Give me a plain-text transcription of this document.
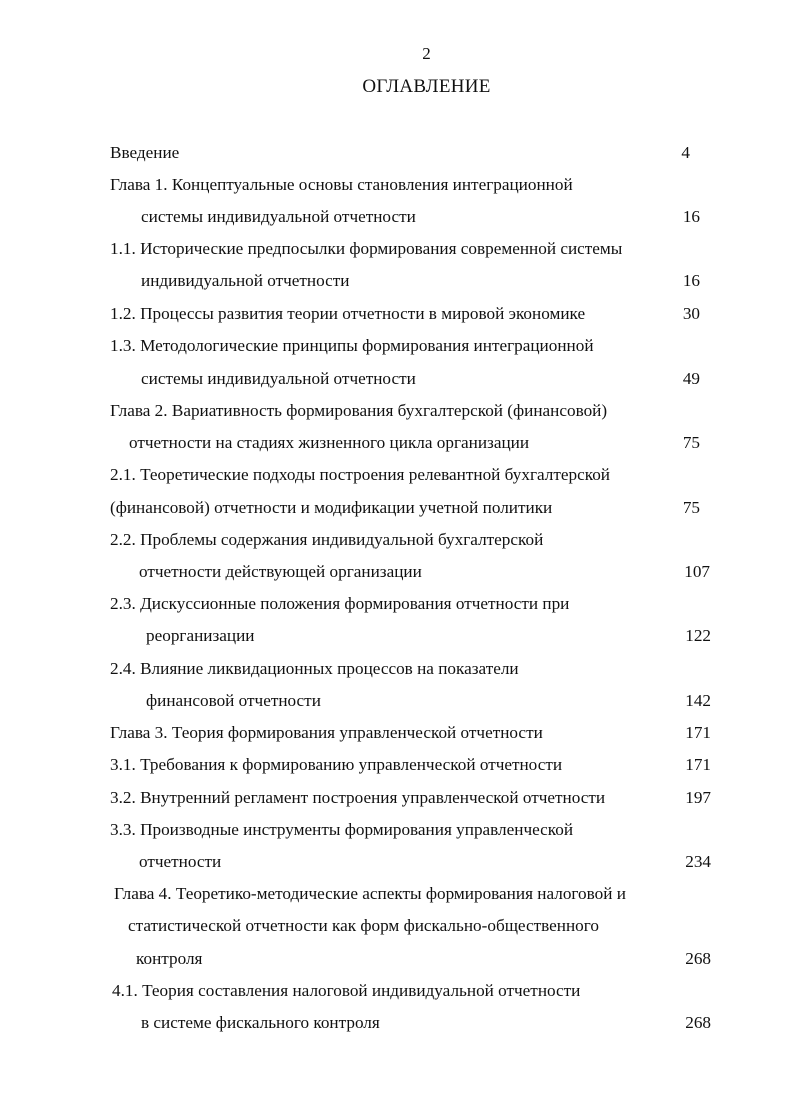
2
ОГЛАВЛЕНИЕ
Введение	4
Глава 1. Концептуальные основы становления интеграционной
системы индивидуальной отчетности	16
1.1. Исторические предпосылки формирования современной системы
индивидуальной отчетности	16
1.2. Процессы развития теории отчетности в мировой экономике	30
1.3. Методологические принципы формирования интеграционной
системы индивидуальной отчетности	49
Глава 2. Вариативность формирования бухгалтерской (финансовой)
отчетности на стадиях жизненного цикла организации	75
2.1. Теоретические подходы построения релевантной бухгалтерской
(финансовой) отчетности и модификации учетной политики	75
2.2. Проблемы содержания индивидуальной бухгалтерской
отчетности действующей организации	107
2.3. Дискуссионные положения формирования отчетности при
реорганизации	122
2.4. Влияние ликвидационных процессов на показатели
финансовой отчетности	142
Глава 3. Теория формирования управленческой отчетности	171
3.1. Требования к формированию управленческой отчетности	171
3.2. Внутренний регламент построения управленческой отчетности	197
3.3. Производные инструменты формирования управленческой
отчетности	234
Глава 4. Теоретико-методические аспекты формирования налоговой и
статистической отчетности как форм фискально-общественного
контроля	268
4.1. Теория составления налоговой индивидуальной отчетности
в системе фискального контроля	268
